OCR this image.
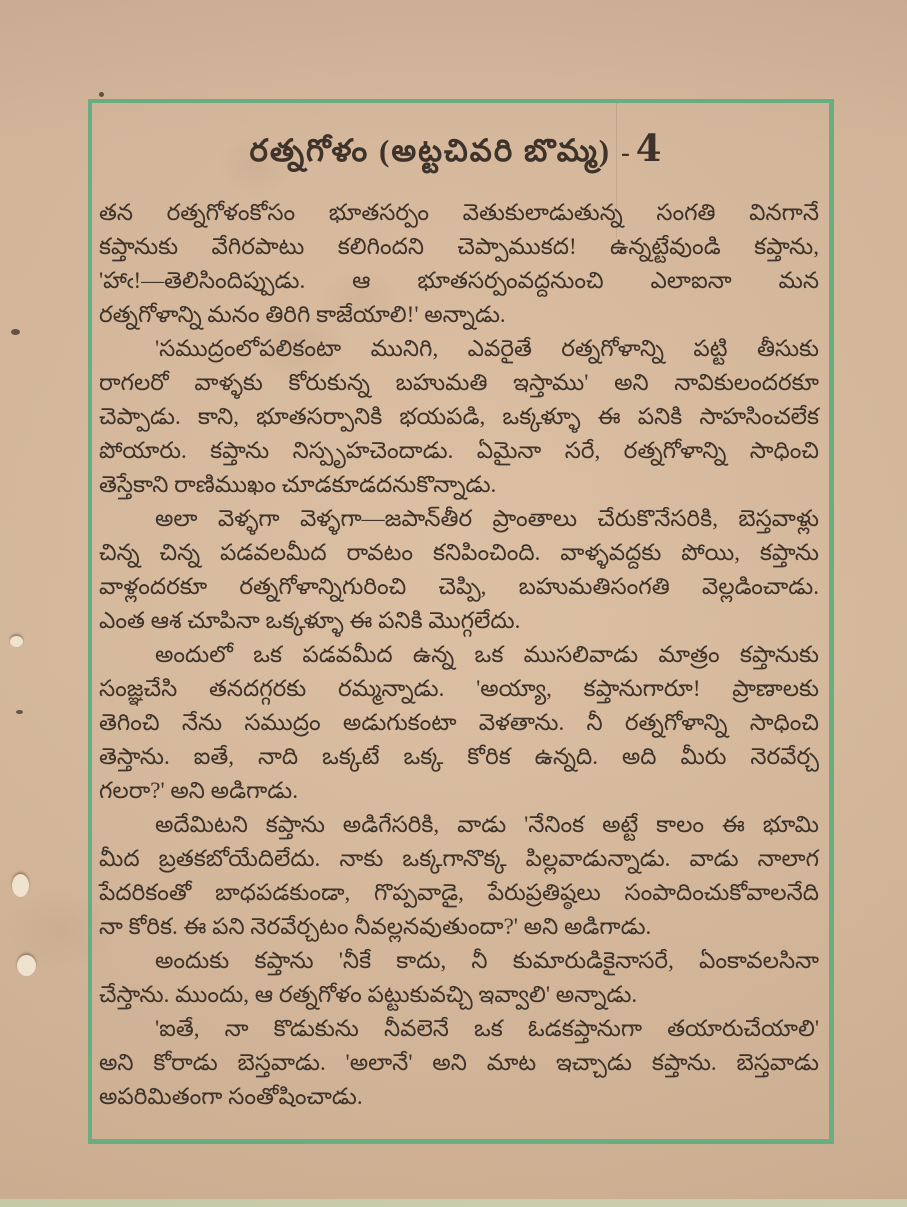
రత్నగోళం (అట్టచివరి బొమ్మ) - 4
తన రత్నగోళంకోసం భూతసర్పం వెతుకులాడుతున్న సంగతి వినగానే
కప్తానుకు వేగిరపాటు కలిగిందని చెప్పాముకద! ఉన్నట్టేవుండి కప్తాను,
'హాఁ!—తెలిసిందిప్పుడు. ఆ భూతసర్పంవద్దనుంచి ఎలాఐనా మన
రత్నగోళాన్ని మనం తిరిగి కాజేయాలి!' అన్నాడు.
'సముద్రంలోపలికంటా మునిగి, ఎవరైతే రత్నగోళాన్ని పట్టి తీసుకు
రాగలరో వాళ్ళకు కోరుకున్న బహుమతి ఇస్తాము' అని నావికులందరకూ
చెప్పాడు. కాని, భూతసర్పానికి భయపడి, ఒక్కళ్ళూ ఈ పనికి సాహసించలేక
పోయారు. కప్తాను నిస్పృహచెందాడు. ఏమైనా సరే, రత్నగోళాన్ని సాధించి
తెస్తేకాని రాణిముఖం చూడకూడదనుకొన్నాడు.
అలా వెళ్ళగా వెళ్ళగా—జపాన్‌తీర ప్రాంతాలు చేరుకొనేసరికి, బెస్తవాళ్లు
చిన్న చిన్న పడవలమీద రావటం కనిపించింది. వాళ్ళవద్దకు పోయి, కప్తాను
వాళ్లందరకూ రత్నగోళాన్నిగురించి చెప్పి, బహుమతిసంగతి వెల్లడించాడు.
ఎంత ఆశ చూపినా ఒక్కళ్ళూ ఈ పనికి మొగ్గలేదు.
అందులో ఒక పడవమీద ఉన్న ఒక ముసలివాడు మాత్రం కప్తానుకు
సంజ్ఞచేసి తనదగ్గరకు రమ్మన్నాడు. 'అయ్యా, కప్తానుగారూ! ప్రాణాలకు
తెగించి నేను సముద్రం అడుగుకంటా వెళతాను. నీ రత్నగోళాన్ని సాధించి
తెస్తాను. ఐతే, నాది ఒక్కటే ఒక్క కోరిక ఉన్నది. అది మీరు నెరవేర్చ
గలరా?' అని అడిగాడు.
అదేమిటని కప్తాను అడిగేసరికి, వాడు 'నేనింక అట్టే కాలం ఈ భూమి
మీద బ్రతకబోయేదిలేదు. నాకు ఒక్కగానొక్క పిల్లవాడున్నాడు. వాడు నాలాగ
పేదరికంతో బాధపడకుండా, గొప్పవాడై, పేరుప్రతిష్ఠలు సంపాదించుకోవాలనేది
నా కోరిక. ఈ పని నెరవేర్చటం నీవల్లనవుతుందా?' అని అడిగాడు.
అందుకు కప్తాను 'నీకే కాదు, నీ కుమారుడికైనాసరే, ఏంకావలసినా
చేస్తాను. ముందు, ఆ రత్నగోళం పట్టుకువచ్చి ఇవ్వాలి' అన్నాడు.
'ఐతే, నా కొడుకును నీవలెనే ఒక ఓడకప్తానుగా తయారుచేయాలి'
అని కోరాడు బెస్తవాడు. 'అలానే' అని మాట ఇచ్చాడు కప్తాను. బెస్తవాడు
అపరిమితంగా సంతోషించాడు.
